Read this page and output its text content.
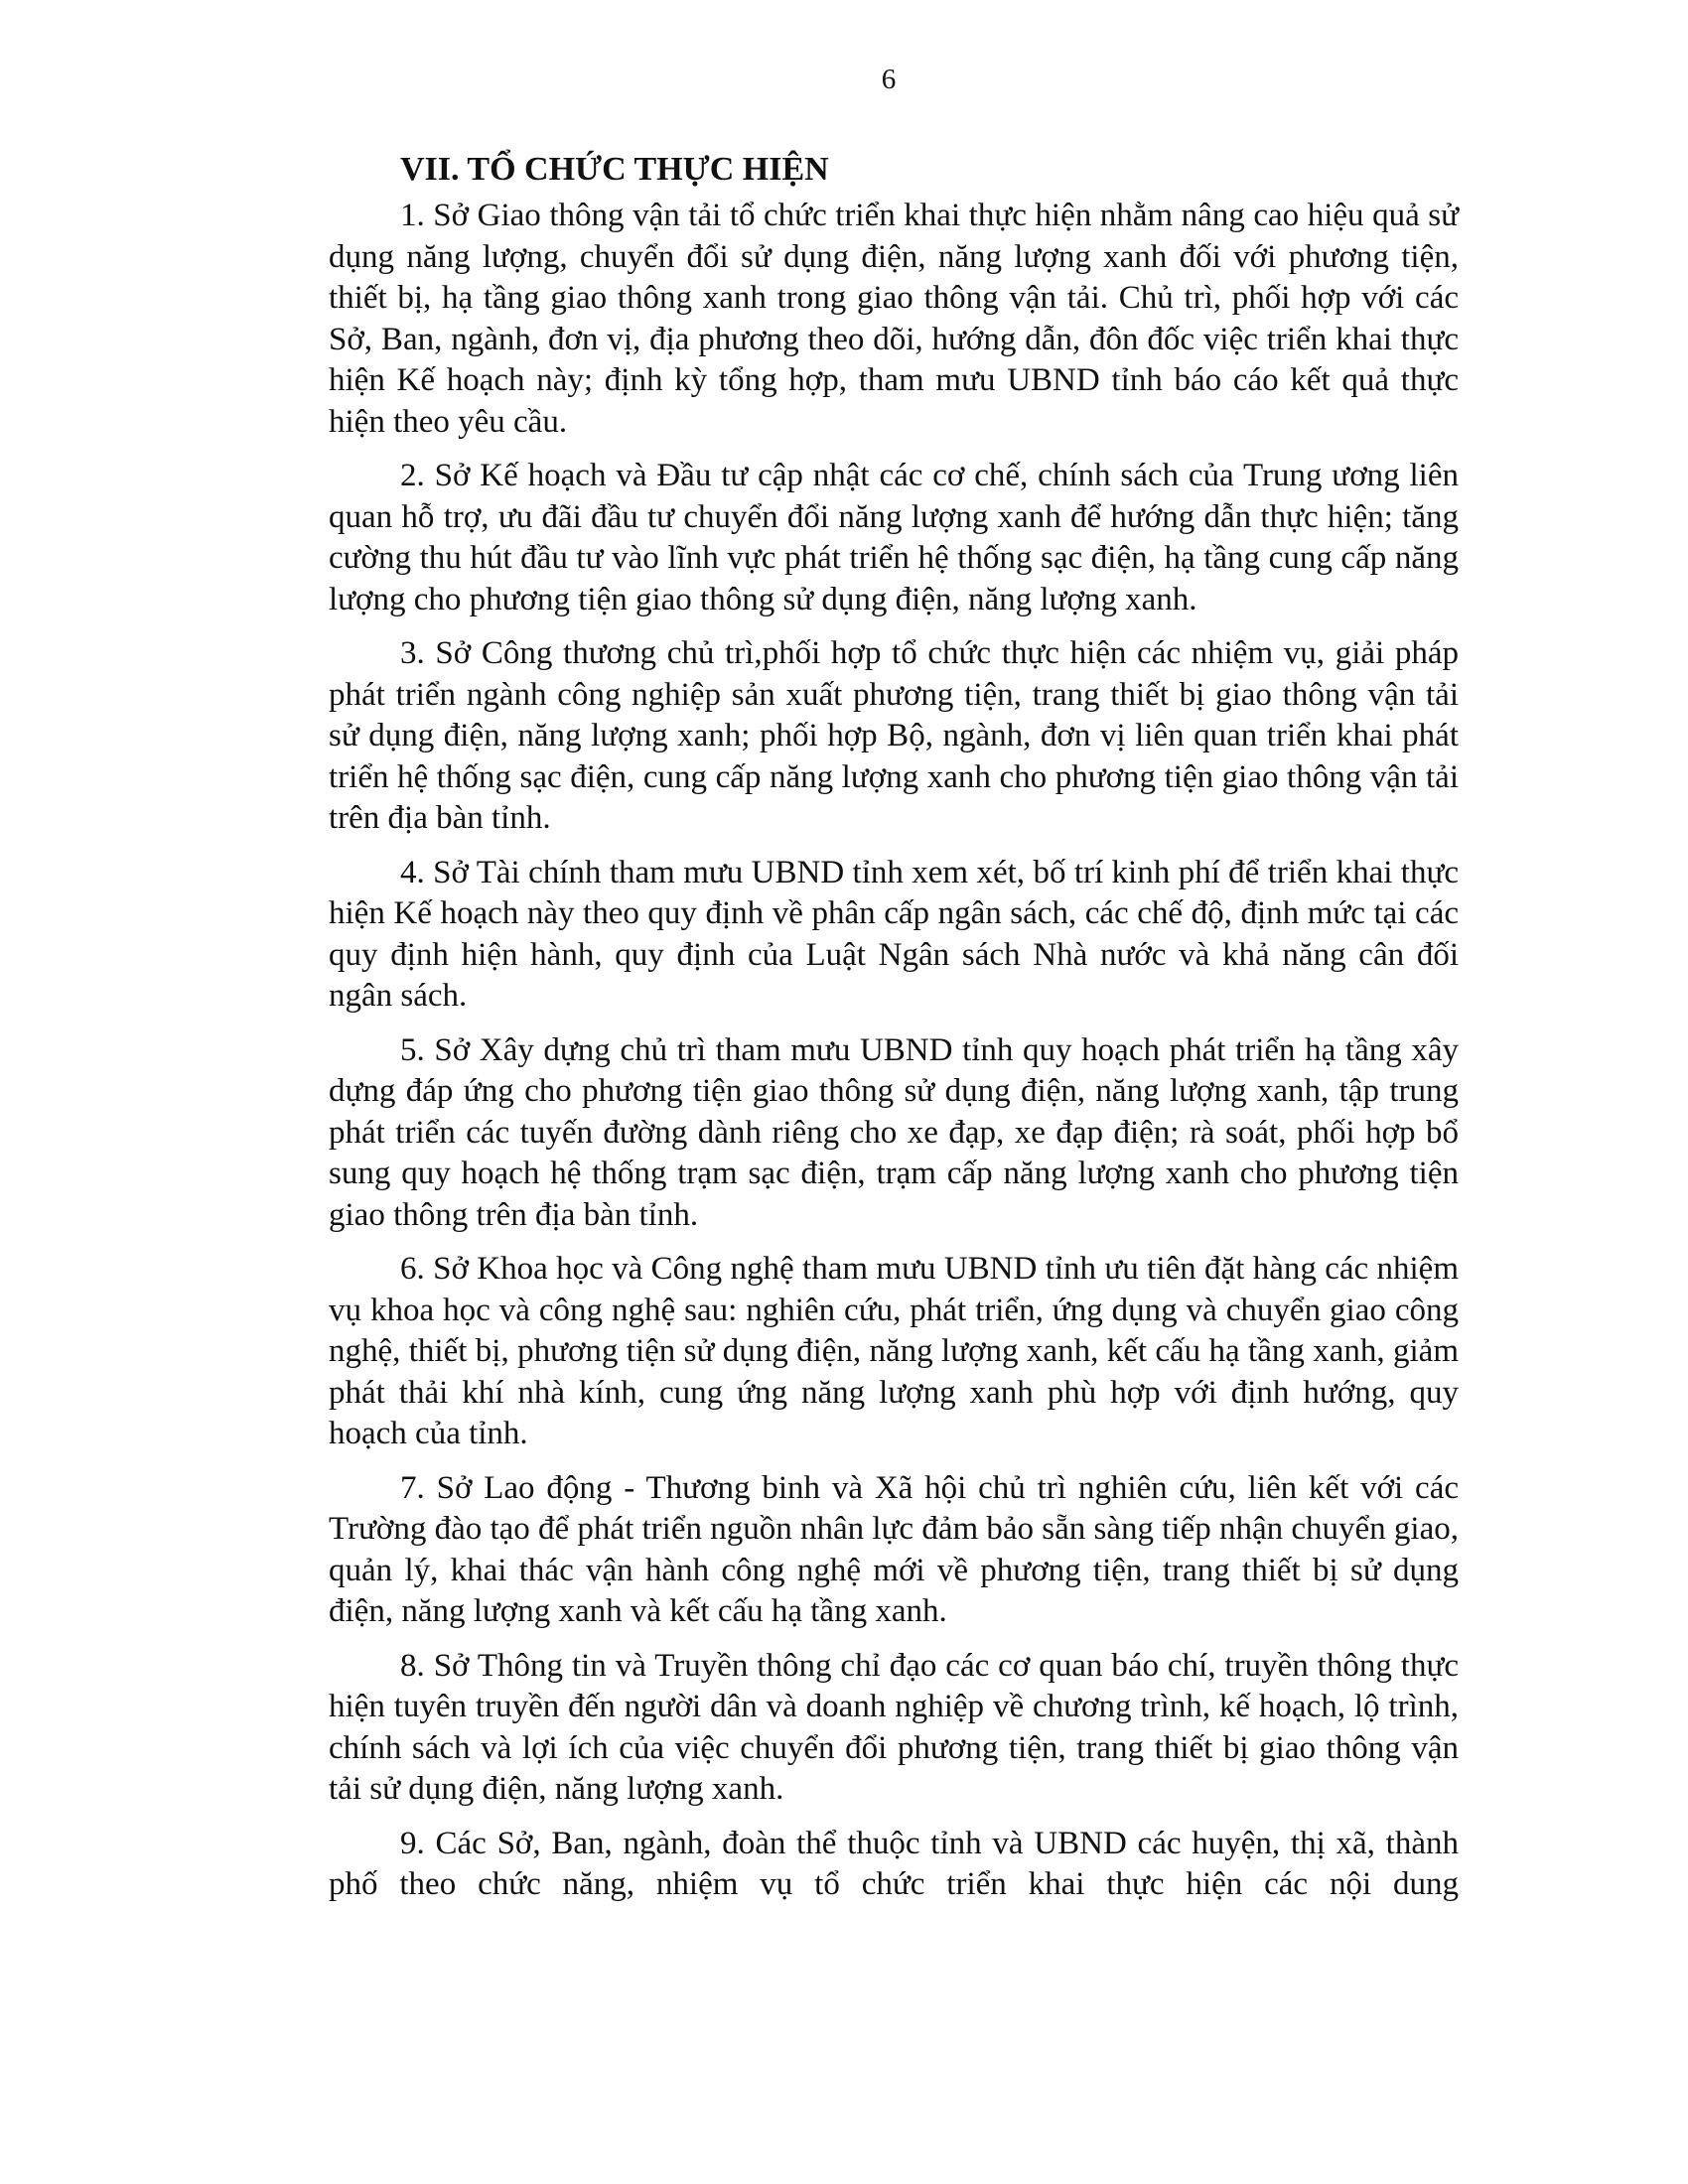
6
VII. TỔ CHỨC THỰC HIỆN

1. Sở Giao thông vận tải tổ chức triển khai thực hiện nhằm nâng cao hiệu quả sử dụng năng lượng, chuyển đổi sử dụng điện, năng lượng xanh đối với phương tiện, thiết bị, hạ tầng giao thông xanh trong giao thông vận tải. Chủ trì, phối hợp với các Sở, Ban, ngành, đơn vị, địa phương theo dõi, hướng dẫn, đôn đốc việc triển khai thực hiện Kế hoạch này; định kỳ tổng hợp, tham mưu UBND tỉnh báo cáo kết quả thực hiện theo yêu cầu.

2. Sở Kế hoạch và Đầu tư cập nhật các cơ chế, chính sách của Trung ương liên quan hỗ trợ, ưu đãi đầu tư chuyển đổi năng lượng xanh để hướng dẫn thực hiện; tăng cường thu hút đầu tư vào lĩnh vực phát triển hệ thống sạc điện, hạ tầng cung cấp năng lượng cho phương tiện giao thông sử dụng điện, năng lượng xanh.

3. Sở Công thương chủ trì,phối hợp tổ chức thực hiện các nhiệm vụ, giải pháp phát triển ngành công nghiệp sản xuất phương tiện, trang thiết bị giao thông vận tải sử dụng điện, năng lượng xanh; phối hợp Bộ, ngành, đơn vị liên quan triển khai phát triển hệ thống sạc điện, cung cấp năng lượng xanh cho phương tiện giao thông vận tải trên địa bàn tỉnh.

4. Sở Tài chính tham mưu UBND tỉnh xem xét, bố trí kinh phí để triển khai thực hiện Kế hoạch này theo quy định về phân cấp ngân sách, các chế độ, định mức tại các quy định hiện hành, quy định của Luật Ngân sách Nhà nước và khả năng cân đối ngân sách.

5. Sở Xây dựng chủ trì tham mưu UBND tỉnh quy hoạch phát triển hạ tầng xây dựng đáp ứng cho phương tiện giao thông sử dụng điện, năng lượng xanh, tập trung phát triển các tuyến đường dành riêng cho xe đạp, xe đạp điện; rà soát, phối hợp bổ sung quy hoạch hệ thống trạm sạc điện, trạm cấp năng lượng xanh cho phương tiện giao thông trên địa bàn tỉnh.

6. Sở Khoa học và Công nghệ tham mưu UBND tỉnh ưu tiên đặt hàng các nhiệm vụ khoa học và công nghệ sau: nghiên cứu, phát triển, ứng dụng và chuyển giao công nghệ, thiết bị, phương tiện sử dụng điện, năng lượng xanh, kết cấu hạ tầng xanh, giảm phát thải khí nhà kính, cung ứng năng lượng xanh phù hợp với định hướng, quy hoạch của tỉnh.

7. Sở Lao động - Thương binh và Xã hội chủ trì nghiên cứu, liên kết với các Trường đào tạo để phát triển nguồn nhân lực đảm bảo sẵn sàng tiếp nhận chuyển giao, quản lý, khai thác vận hành công nghệ mới về phương tiện, trang thiết bị sử dụng điện, năng lượng xanh và kết cấu hạ tầng xanh.

8. Sở Thông tin và Truyền thông chỉ đạo các cơ quan báo chí, truyền thông thực hiện tuyên truyền đến người dân và doanh nghiệp về chương trình, kế hoạch, lộ trình, chính sách và lợi ích của việc chuyển đổi phương tiện, trang thiết bị giao thông vận tải sử dụng điện, năng lượng xanh.

9. Các Sở, Ban, ngành, đoàn thể thuộc tỉnh và UBND các huyện, thị xã, thành phố theo chức năng, nhiệm vụ tổ chức triển khai thực hiện các nội dung
